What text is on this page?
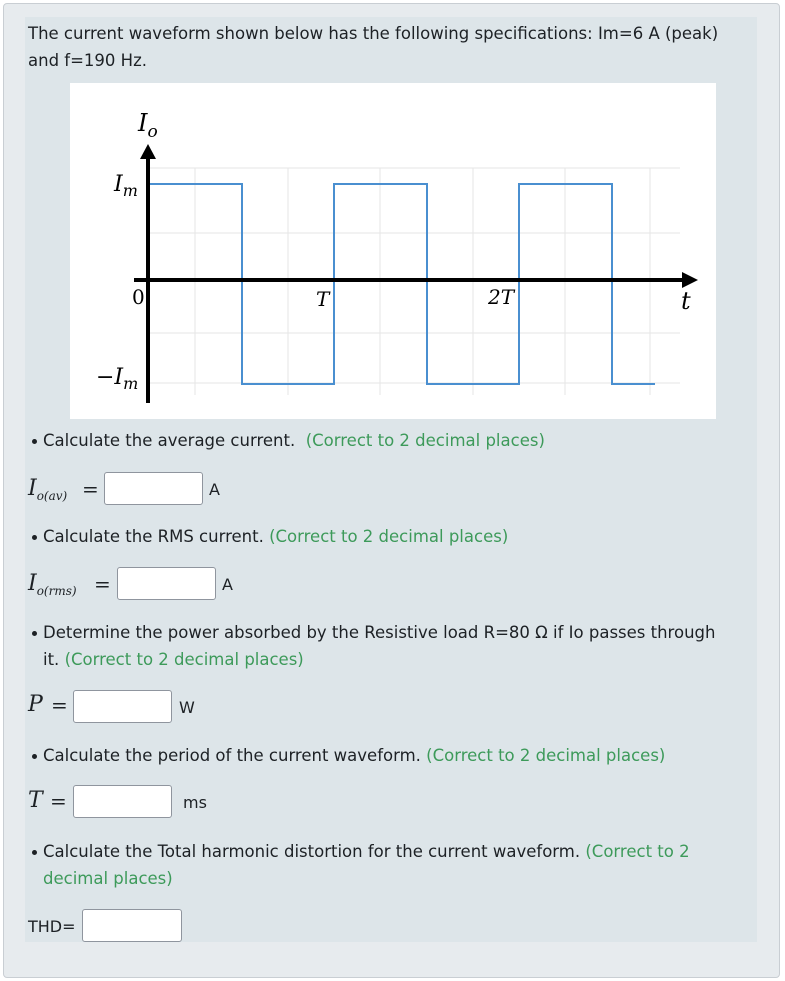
The current waveform shown below has the following specifications: Im=6 A (peak) and f=190 Hz.
$I_o$
$I_m$
0
$-I_m$
T	2T	t
Calculate the average current. (Correct to 2 decimal places)
$I_{o(av)}$ =	A
Calculate the RMS current. (Correct to 2 decimal places)
$I_{o(rms)}$ =	A
Determine the power absorbed by the Resistive load R=80 Ω if Io passes through
it. (Correct to 2 decimal places)
P =	W
Calculate the period of the current waveform. (Correct to 2 decimal places)
T =	ms
Calculate the Total harmonic distortion for the current waveform. (Correct to 2
decimal places)
THD=
